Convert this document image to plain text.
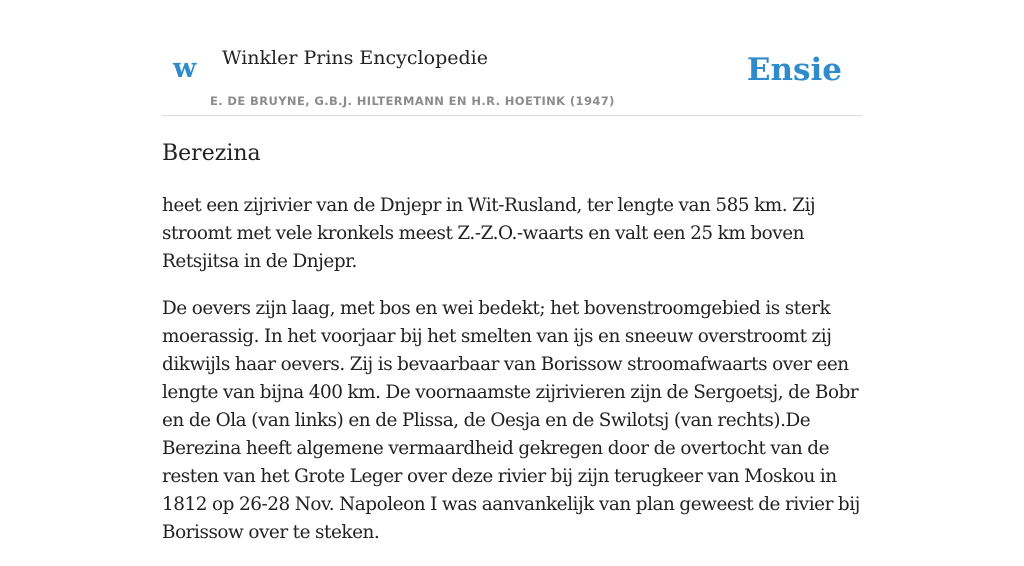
w Winkler Prins Encyclopedie
E. DE BRUYNE, G.B.J. HILTERMANN EN H.R. HOETINK (1947)
Ensie
Berezina

heet een zijrivier van de Dnjepr in Wit-Rusland, ter lengte van 585 km. Zij stroomt met vele kronkels meest Z.-Z.O.-waarts en valt een 25 km boven Retsjitsa in de Dnjepr.

De oevers zijn laag, met bos en wei bedekt; het bovenstroomgebied is sterk moerassig. In het voorjaar bij het smelten van ijs en sneeuw overstroomt zij dikwijls haar oevers. Zij is bevaarbaar van Borissow stroomafwaarts over een lengte van bijna 400 km. De voornaamste zijrivieren zijn de Sergoetsj, de Bobr en de Ola (van links) en de Plissa, de Oesja en de Swilotsj (van rechts).De Berezina heeft algemene vermaardheid gekregen door de overtocht van de resten van het Grote Leger over deze rivier bij zijn terugkeer van Moskou in 1812 op 26-28 Nov. Napoleon I was aanvankelijk van plan geweest de rivier bij Borissow over te steken.
